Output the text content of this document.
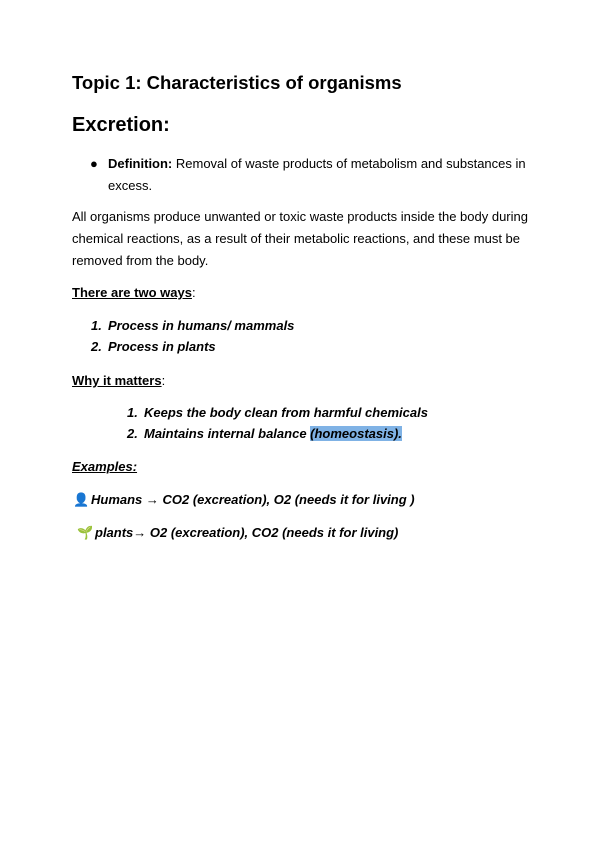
Topic 1: Characteristics of organisms
Excretion:
● Definition: Removal of waste products of metabolism and substances in excess.

All organisms produce unwanted or toxic waste products inside the body during chemical reactions, as a result of their metabolic reactions, and these must be removed from the body.

There are two ways:
1. Process in humans/ mammals
2. Process in plants
Why it matters:
1. Keeps the body clean from harmful chemicals
2. Maintains internal balance (homeostasis).
Examples:
👤 Humans → CO2 (excreation), O2 (needs it for living )
🌱 plants→ O2 (excreation), CO2 (needs it for living)
